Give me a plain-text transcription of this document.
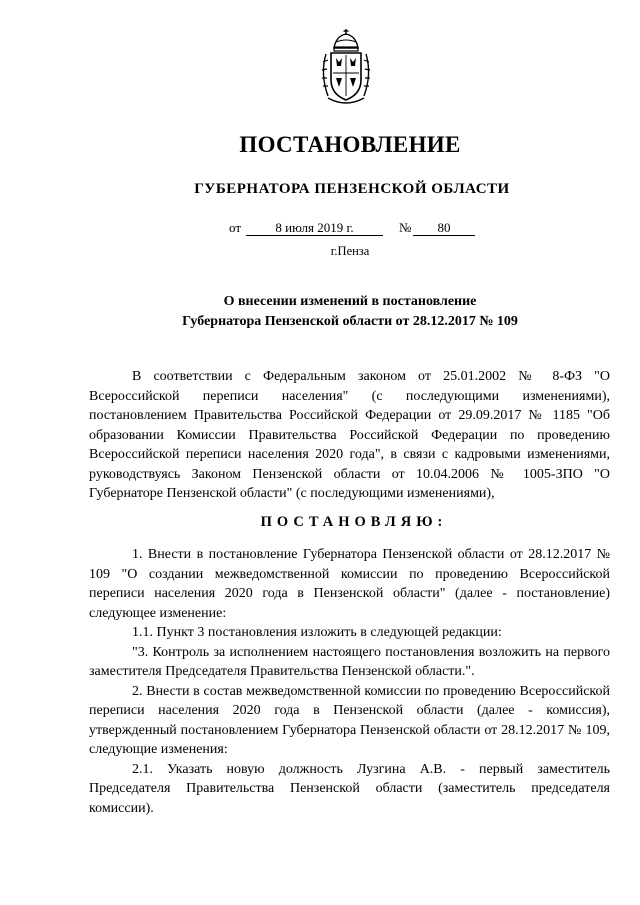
ПОСТАНОВЛЕНИЕ
ГУБЕРНАТОРА ПЕНЗЕНСКОЙ ОБЛАСТИ
от	8 июля 2019 г.	№	80
г.Пенза
О внесении изменений в постановление
Губернатора Пензенской области от 28.12.2017 № 109

В соответствии с Федеральным законом от 25.01.2002 № 8-ФЗ "О Всероссийской переписи населения" (с последующими изменениями), постановлением Правительства Российской Федерации от 29.09.2017 № 1185 "Об образовании Комиссии Правительства Российской Федерации по проведению Всероссийской переписи населения 2020 года", в связи с кадровыми изменениями, руководствуясь Законом Пензенской области от 10.04.2006 № 1005-ЗПО "О Губернаторе Пензенской области" (с последующими изменениями),

ПОСТАНОВЛЯЮ:

1. Внести в постановление Губернатора Пензенской области от 28.12.2017 № 109 "О создании межведомственной комиссии по проведению Всероссийской переписи населения 2020 года в Пензенской области" (далее - постановление) следующее изменение:

1.1. Пункт 3 постановления изложить в следующей редакции:

"3. Контроль за исполнением настоящего постановления возложить на первого заместителя Председателя Правительства Пензенской области.".

2. Внести в состав межведомственной комиссии по проведению Всероссийской переписи населения 2020 года в Пензенской области (далее - комиссия), утвержденный постановлением Губернатора Пензенской области от 28.12.2017 № 109, следующие изменения:

2.1. Указать новую должность Лузгина А.В. - первый заместитель Председателя Правительства Пензенской области (заместитель председателя комиссии).
